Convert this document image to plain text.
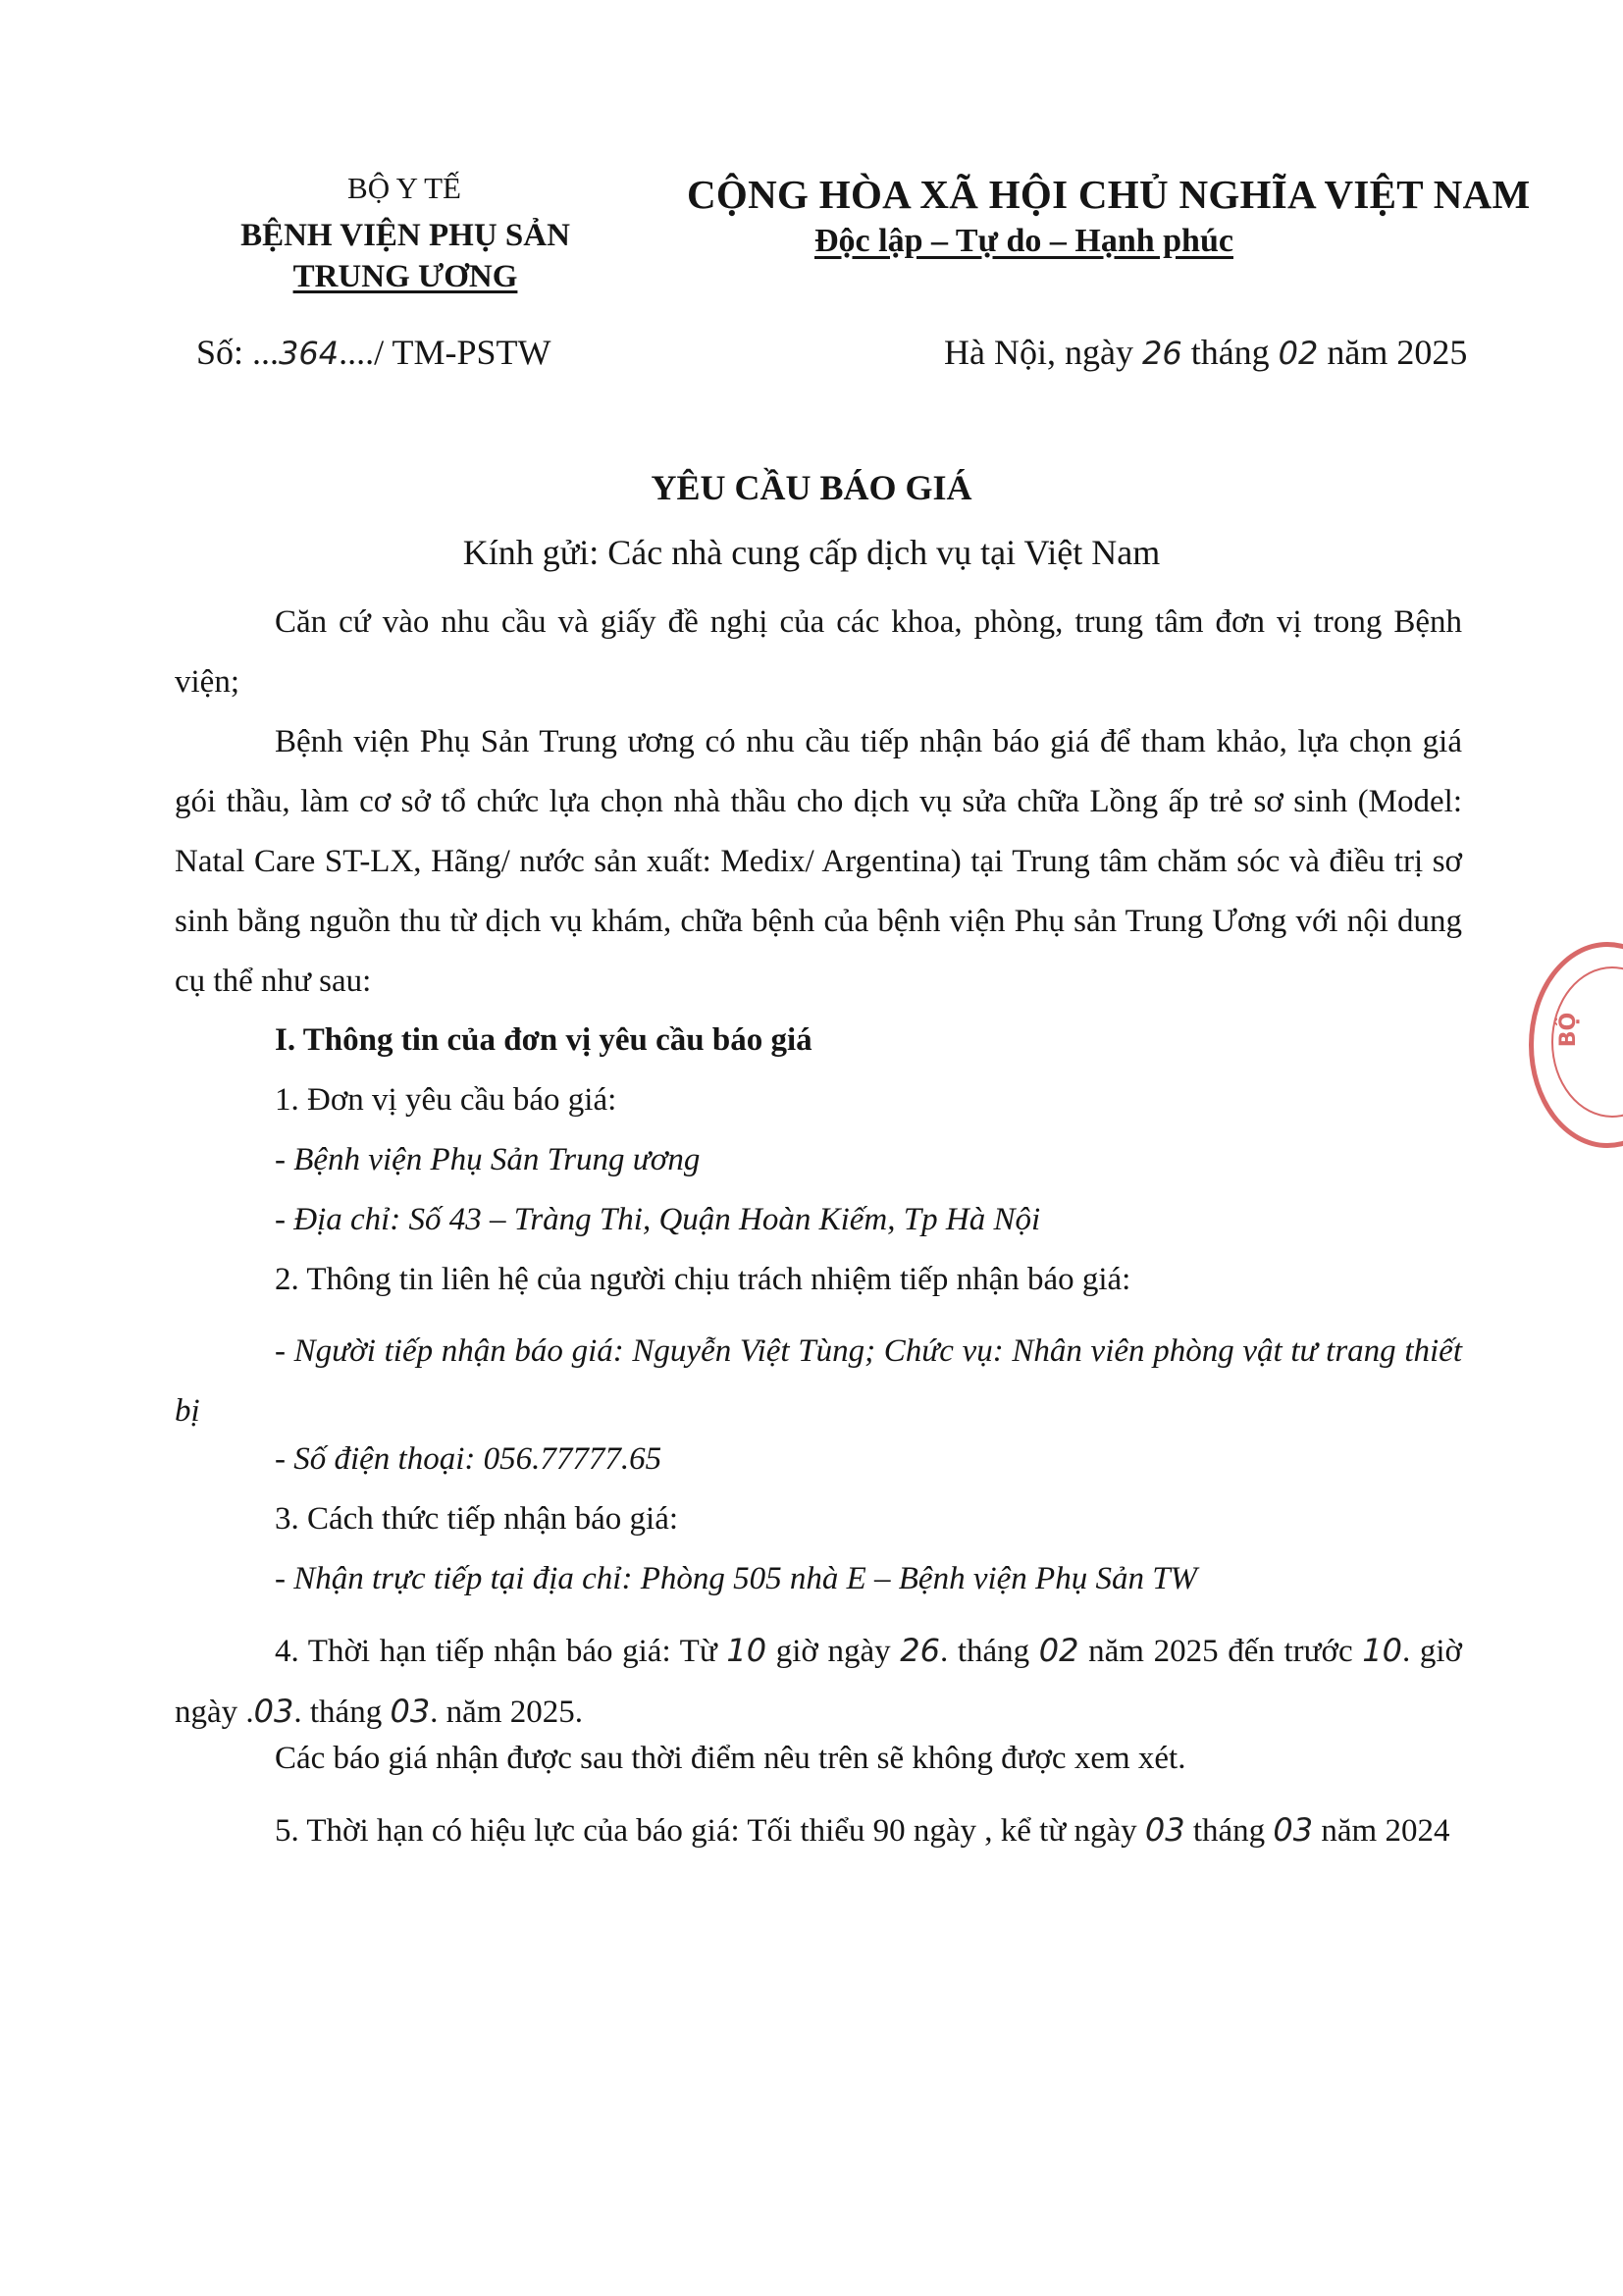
BỘ Y TẾ
BỆNH VIỆN PHỤ SẢN
TRUNG ƯƠNG
CỘNG HÒA XÃ HỘI CHỦ NGHĨA VIỆT NAM
Độc lập – Tự do – Hạnh phúc
Số: ...364..../ TM-PSTW	Hà Nội, ngày 26 tháng 02 năm 2025
YÊU CẦU BÁO GIÁ
Kính gửi: Các nhà cung cấp dịch vụ tại Việt Nam
Căn cứ vào nhu cầu và giấy đề nghị của các khoa, phòng, trung tâm đơn vị trong Bệnh viện;
Bệnh viện Phụ Sản Trung ương có nhu cầu tiếp nhận báo giá để tham khảo, lựa chọn giá gói thầu, làm cơ sở tổ chức lựa chọn nhà thầu cho dịch vụ sửa chữa Lồng ấp trẻ sơ sinh (Model: Natal Care ST-LX, Hãng/ nước sản xuất: Medix/ Argentina) tại Trung tâm chăm sóc và điều trị sơ sinh bằng nguồn thu từ dịch vụ khám, chữa bệnh của bệnh viện Phụ sản Trung Ương với nội dung cụ thể như sau:
I. Thông tin của đơn vị yêu cầu báo giá
1. Đơn vị yêu cầu báo giá:
- Bệnh viện Phụ Sản Trung ương
- Địa chỉ: Số 43 – Tràng Thi, Quận Hoàn Kiếm, Tp Hà Nội
2. Thông tin liên hệ của người chịu trách nhiệm tiếp nhận báo giá:
- Người tiếp nhận báo giá: Nguyễn Việt Tùng; Chức vụ: Nhân viên phòng vật tư trang thiết bị
- Số điện thoại: 056.77777.65
3. Cách thức tiếp nhận báo giá:
- Nhận trực tiếp tại địa chỉ: Phòng 505 nhà E – Bệnh viện Phụ Sản TW
4. Thời hạn tiếp nhận báo giá: Từ 10 giờ ngày 26. tháng 02 năm 2025 đến trước 10. giờ ngày .03. tháng 03. năm 2025.
Các báo giá nhận được sau thời điểm nêu trên sẽ không được xem xét.
5. Thời hạn có hiệu lực của báo giá: Tối thiểu 90 ngày , kể từ ngày 03 tháng 03 năm 2024
BỘ
